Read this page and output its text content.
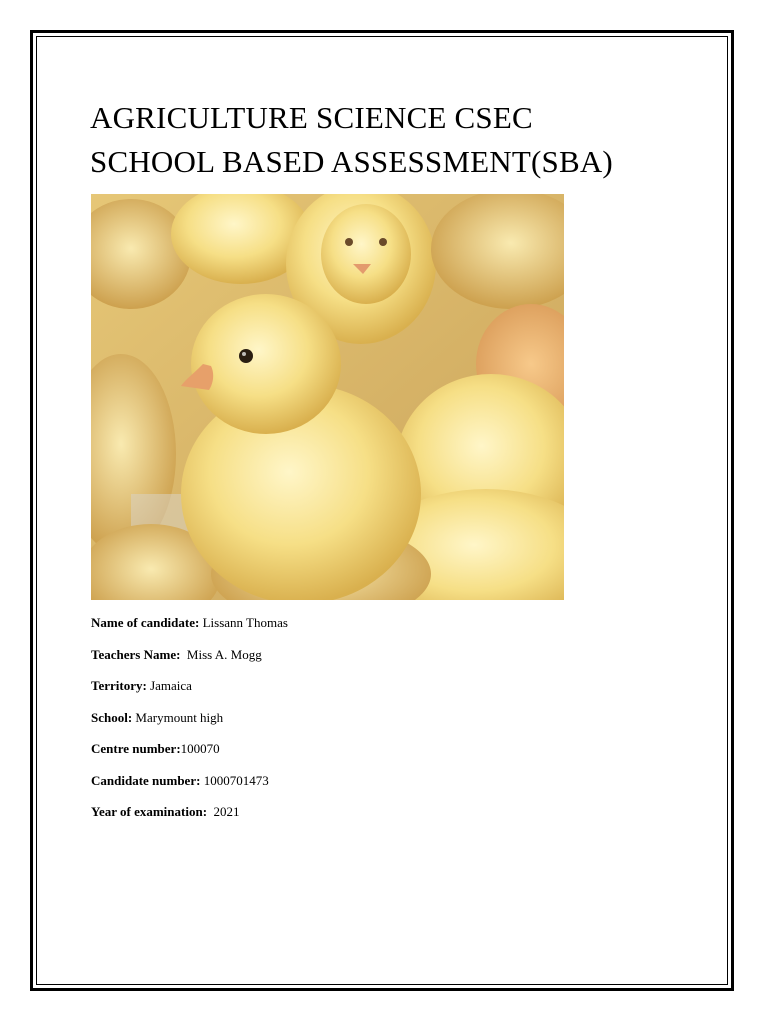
AGRICULTURE SCIENCE CSEC
SCHOOL BASED ASSESSMENT(SBA)
Name of candidate: Lissann Thomas
Teachers Name:  Miss A. Mogg
Territory: Jamaica
School: Marymount high
Centre number:100070
Candidate number: 1000701473
Year of examination:  2021
